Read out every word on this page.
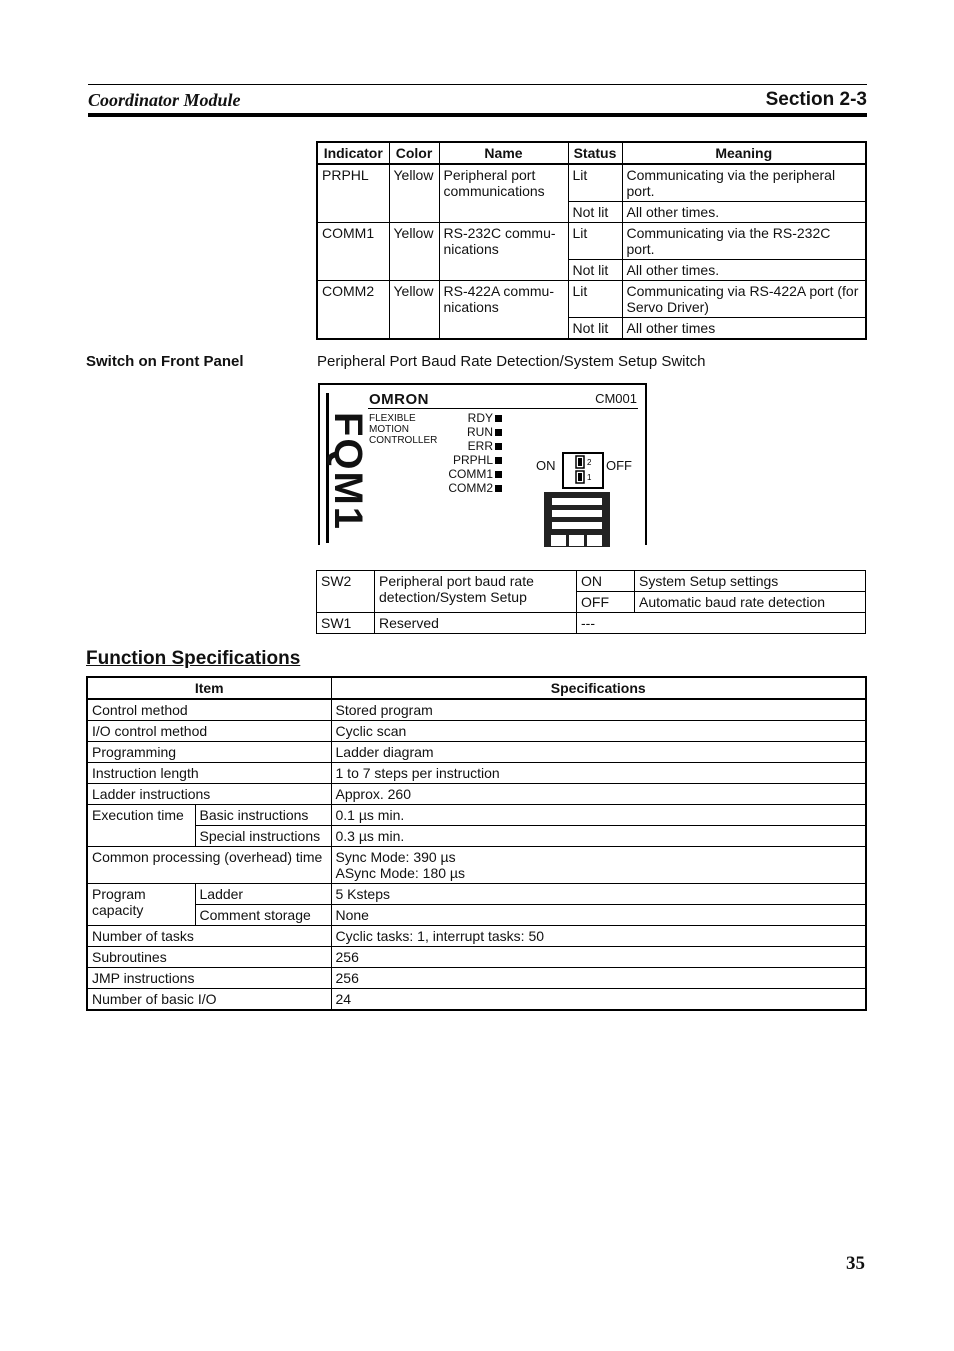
Coordinator Module	Section 2-3
Indicator	Color	Name	Status	Meaning
PRPHL	Yellow	Peripheral port communications	Lit	Communicating via the peripheral port.
			Not lit	All other times.
COMM1	Yellow	RS-232C commu-nications	Lit	Communicating via the RS-232C port.
			Not lit	All other times.
COMM2	Yellow	RS-422A commu-nications	Lit	Communicating via RS-422A port (for Servo Driver)
			Not lit	All other times
Switch on Front Panel	Peripheral Port Baud Rate Detection/System Setup Switch
FQM1
OMRON	CM001
FLEXIBLE
MOTION
CONTROLLER
RDY
RUN
ERR
PRPHL
COMM1
COMM2
ON	2
1
OFF
SW2	Peripheral port baud rate detection/System Setup	ON	System Setup settings
		OFF	Automatic baud rate detection
SW1	Reserved	---	
Function Specifications
Item		Specifications
Control method		Stored program
I/O control method		Cyclic scan
Programming		Ladder diagram
Instruction length		1 to 7 steps per instruction
Ladder instructions		Approx. 260
Execution time	Basic instructions	0.1 µs min.
	Special instructions	0.3 µs min.
Common processing (overhead) time		Sync Mode: 390 µs
ASync Mode: 180 µs

Program capacity	Ladder	5 Ksteps
	Comment storage	None
Number of tasks		Cyclic tasks: 1, interrupt tasks: 50
Subroutines		256
JMP instructions		256
Number of basic I/O		24
35
